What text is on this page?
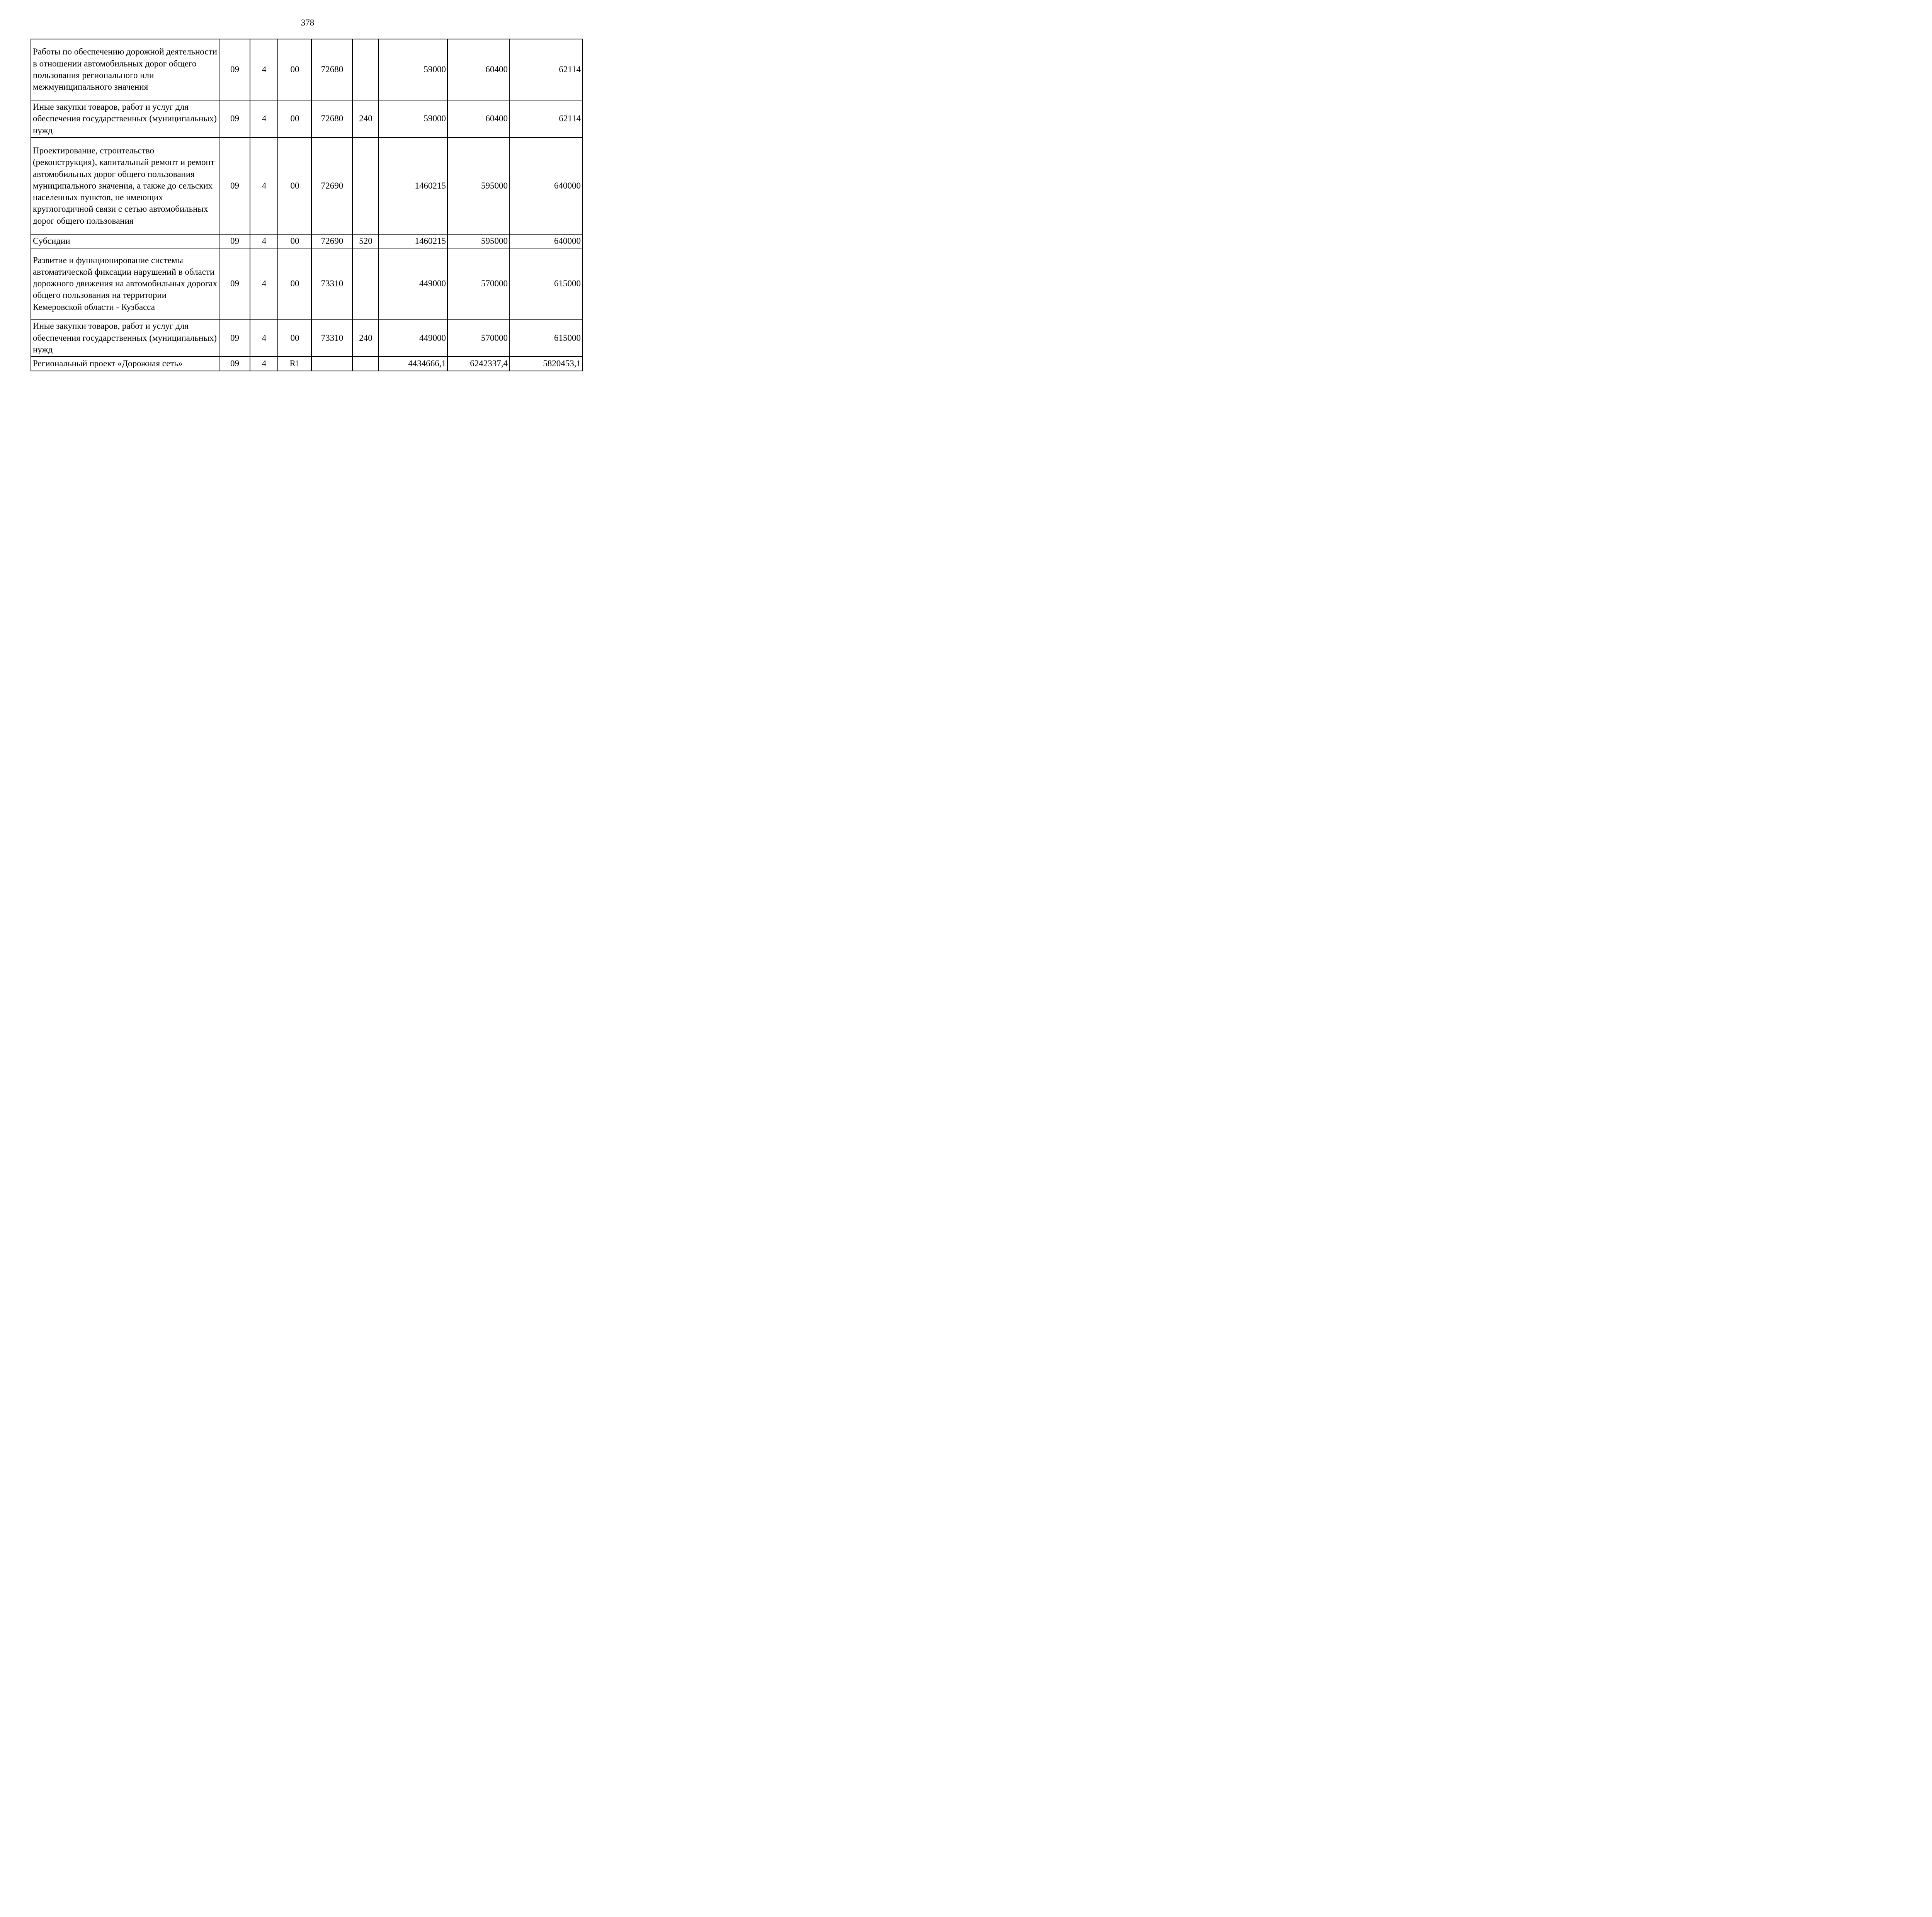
378
Работы по обеспечению дорожной деятельности в отношении автомобильных дорог общего пользования регионального или межмуниципального значения	09	4	00	72680		59000	60400	62114
Иные закупки товаров, работ и услуг для обеспечения государственных (муниципальных) нужд	09	4	00	72680	240	59000	60400	62114
Проектирование, строительство (реконструкция), капитальный ремонт и ремонт автомобильных дорог общего пользования муниципального значения, а также до сельских населенных пунктов, не имеющих круглогодичной связи с сетью автомобильных дорог общего пользования	09	4	00	72690		1460215	595000	640000
Субсидии	09	4	00	72690	520	1460215	595000	640000
Развитие и функционирование системы автоматической фиксации нарушений в области дорожного движения на автомобильных дорогах общего пользования на территории Кемеровской области - Кузбасса	09	4	00	73310		449000	570000	615000
Иные закупки товаров, работ и услуг для обеспечения государственных (муниципальных) нужд	09	4	00	73310	240	449000	570000	615000
Региональный проект «Дорожная сеть»	09	4	R1			4434666,1	6242337,4	5820453,1
